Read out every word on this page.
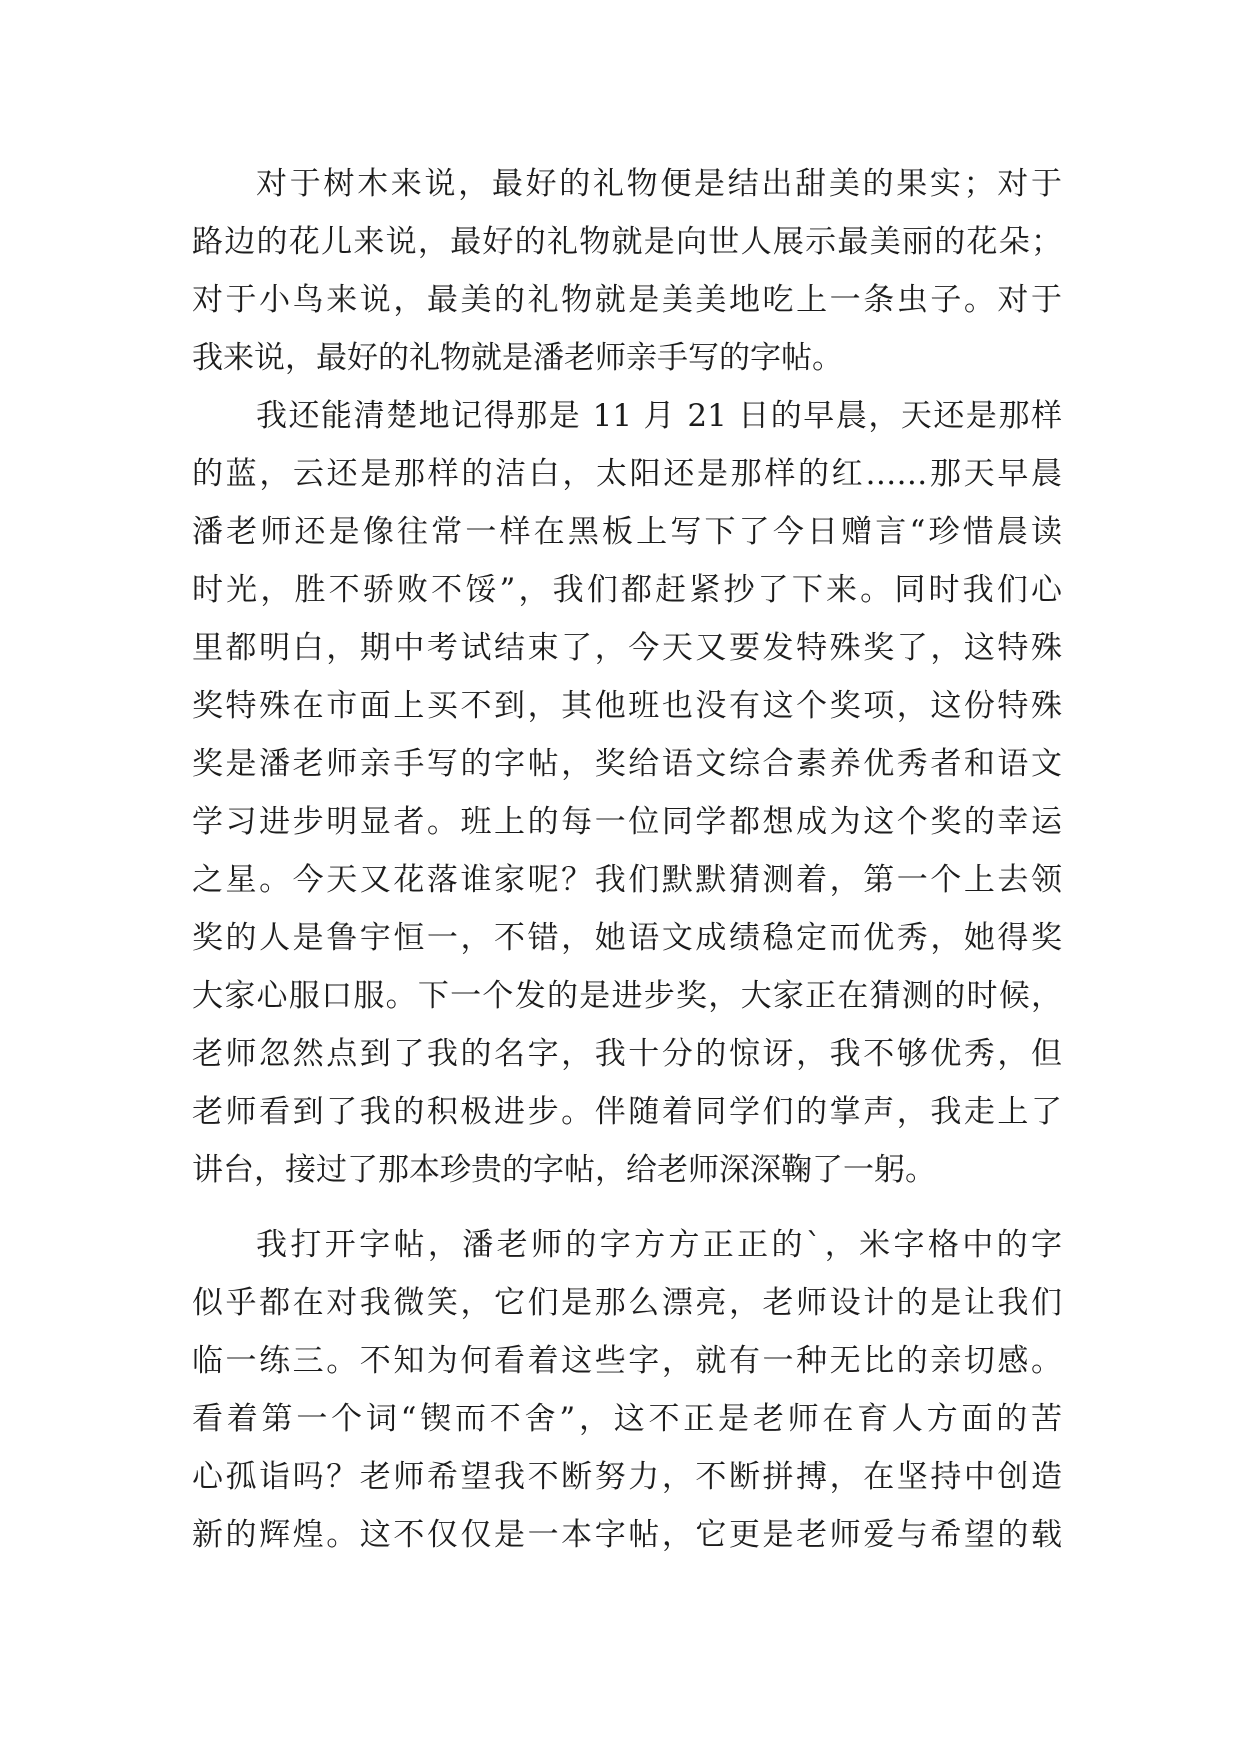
对于树木来说，最好的礼物便是结出甜美的果实；对于
路边的花儿来说，最好的礼物就是向世人展示最美丽的花朵；
对于小鸟来说，最美的礼物就是美美地吃上一条虫子。对于
我来说，最好的礼物就是潘老师亲手写的字帖。
我还能清楚地记得那是 11 月 21 日的早晨，天还是那样
的蓝，云还是那样的洁白，太阳还是那样的红……那天早晨
潘老师还是像往常一样在黑板上写下了今日赠言“珍惜晨读
时光，胜不骄败不馁”，我们都赶紧抄了下来。同时我们心
里都明白，期中考试结束了，今天又要发特殊奖了，这特殊
奖特殊在市面上买不到，其他班也没有这个奖项，这份特殊
奖是潘老师亲手写的字帖，奖给语文综合素养优秀者和语文
学习进步明显者。班上的每一位同学都想成为这个奖的幸运
之星。今天又花落谁家呢？我们默默猜测着，第一个上去领
奖的人是鲁宇恒一，不错，她语文成绩稳定而优秀，她得奖
大家心服口服。下一个发的是进步奖，大家正在猜测的时候，
老师忽然点到了我的名字，我十分的惊讶，我不够优秀，但
老师看到了我的积极进步。伴随着同学们的掌声，我走上了
讲台，接过了那本珍贵的字帖，给老师深深鞠了一躬。
我打开字帖，潘老师的字方方正正的`，米字格中的字
似乎都在对我微笑，它们是那么漂亮，老师设计的是让我们
临一练三。不知为何看着这些字，就有一种无比的亲切感。
看着第一个词“锲而不舍”，这不正是老师在育人方面的苦
心孤诣吗？老师希望我不断努力，不断拼搏，在坚持中创造
新的辉煌。这不仅仅是一本字帖，它更是老师爱与希望的载
